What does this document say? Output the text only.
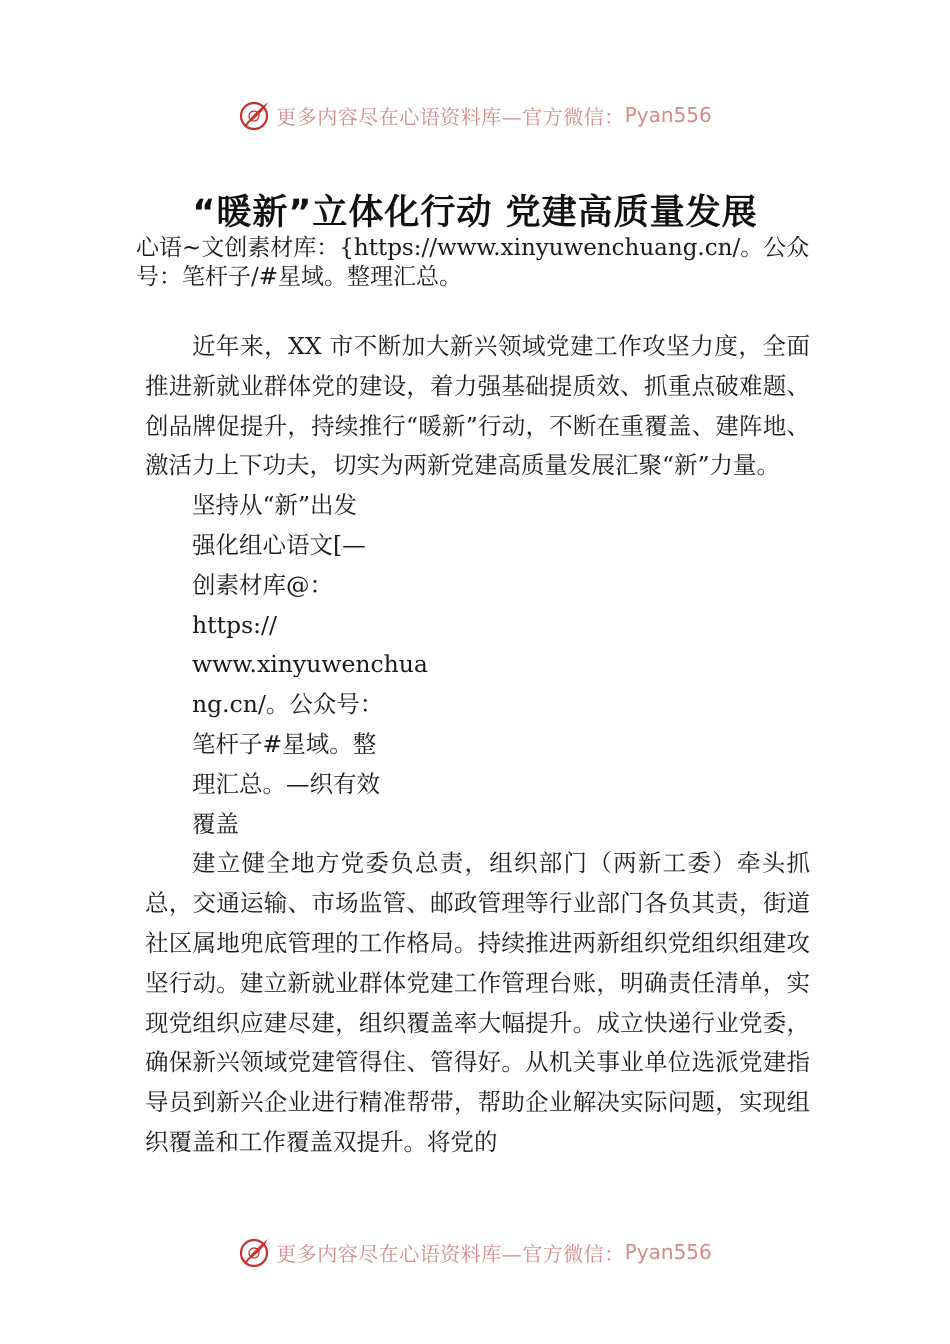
更多内容尽在心语资料库—官方微信： Pyan556
“暖新”立体化行动 党建高质量发展

心语~文创素材库：{https://www.xinyuwenchuang.cn/。公众号：笔杆子/#星域。整理汇总。

近年来，XX 市不断加大新兴领域党建工作攻坚力度，全面推进新就业群体党的建设，着力强基础提质效、抓重点破难题、创品牌促提升，持续推行“暖新”行动，不断在重覆盖、建阵地、激活力上下功夫，切实为两新党建高质量发展汇聚“新”力量。

坚持从“新”出发

强化组心语文[—

创素材库@：

https://

www.xinyuwenchua

ng.cn/。公众号：

笔杆子#星域。整

理汇总。—织有效

覆盖

建立健全地方党委负总责，组织部门（两新工委）牵头抓总，交通运输、市场监管、邮政管理等行业部门各负其责，街道社区属地兜底管理的工作格局。持续推进两新组织党组织组建攻坚行动。建立新就业群体党建工作管理台账，明确责任清单，实现党组织应建尽建，组织覆盖率大幅提升。成立快递行业党委，确保新兴领域党建管得住、管得好。从机关事业单位选派党建指导员到新兴企业进行精准帮带，帮助企业解决实际问题，实现组织覆盖和工作覆盖双提升。将党的

更多内容尽在心语资料库—官方微信： Pyan556
